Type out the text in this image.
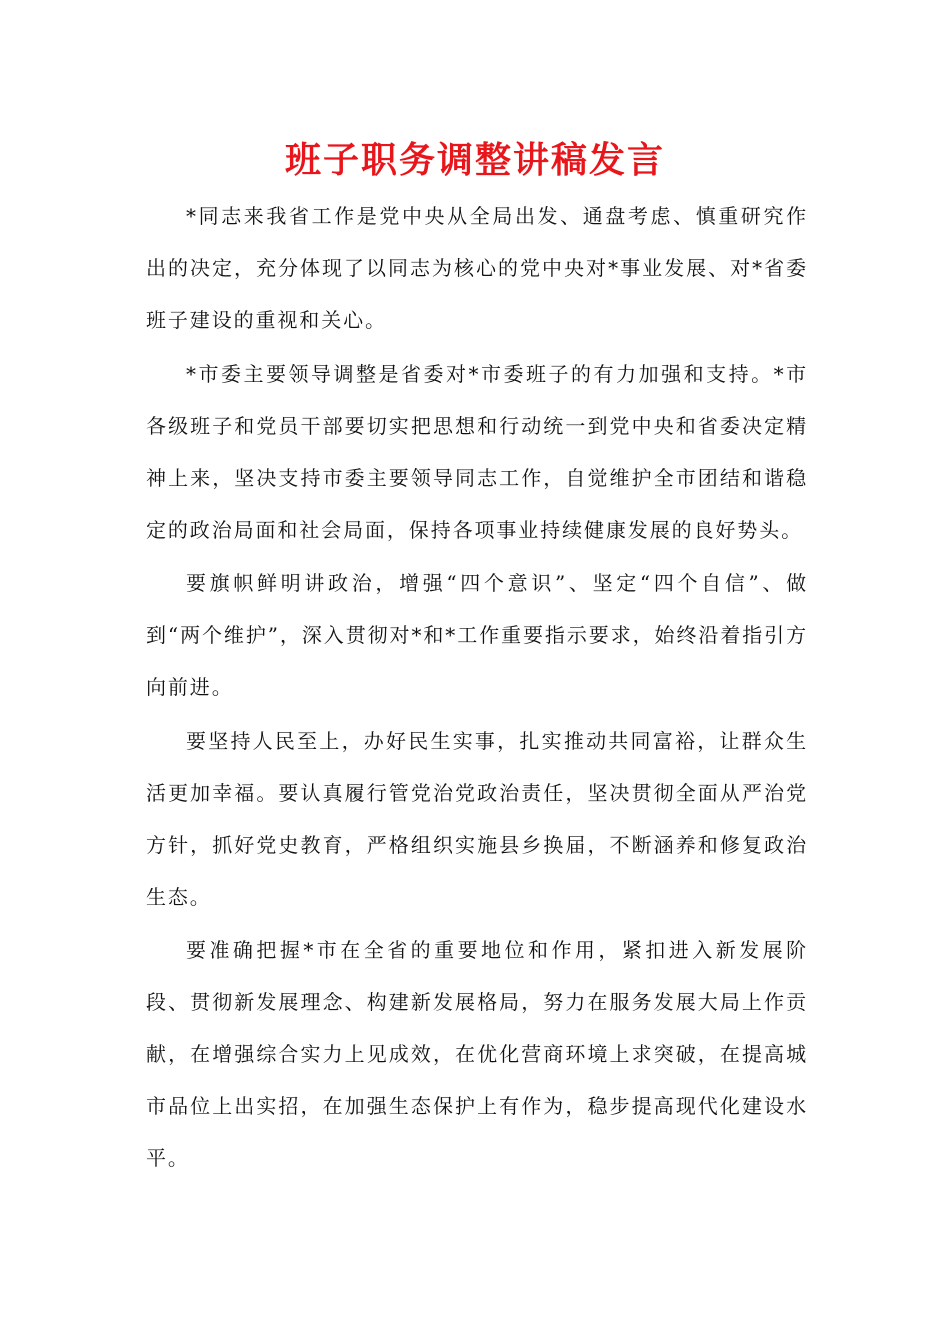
班子职务调整讲稿发言

*同志来我省工作是党中央从全局出发、通盘考虑、慎重研究作出的决定，充分体现了以同志为核心的党中央对*事业发展、对*省委班子建设的重视和关心。

*市委主要领导调整是省委对*市委班子的有力加强和支持。*市各级班子和党员干部要切实把思想和行动统一到党中央和省委决定精神上来，坚决支持市委主要领导同志工作，自觉维护全市团结和谐稳定的政治局面和社会局面，保持各项事业持续健康发展的良好势头。

要旗帜鲜明讲政治，增强“四个意识”、坚定“四个自信”、做到“两个维护”，深入贯彻对*和*工作重要指示要求，始终沿着指引方向前进。

要坚持人民至上，办好民生实事，扎实推动共同富裕，让群众生活更加幸福。要认真履行管党治党政治责任，坚决贯彻全面从严治党方针，抓好党史教育，严格组织实施县乡换届，不断涵养和修复政治生态。

要准确把握*市在全省的重要地位和作用，紧扣进入新发展阶段、贯彻新发展理念、构建新发展格局，努力在服务发展大局上作贡献，在增强综合实力上见成效，在优化营商环境上求突破，在提高城市品位上出实招，在加强生态保护上有作为，稳步提高现代化建设水平。
